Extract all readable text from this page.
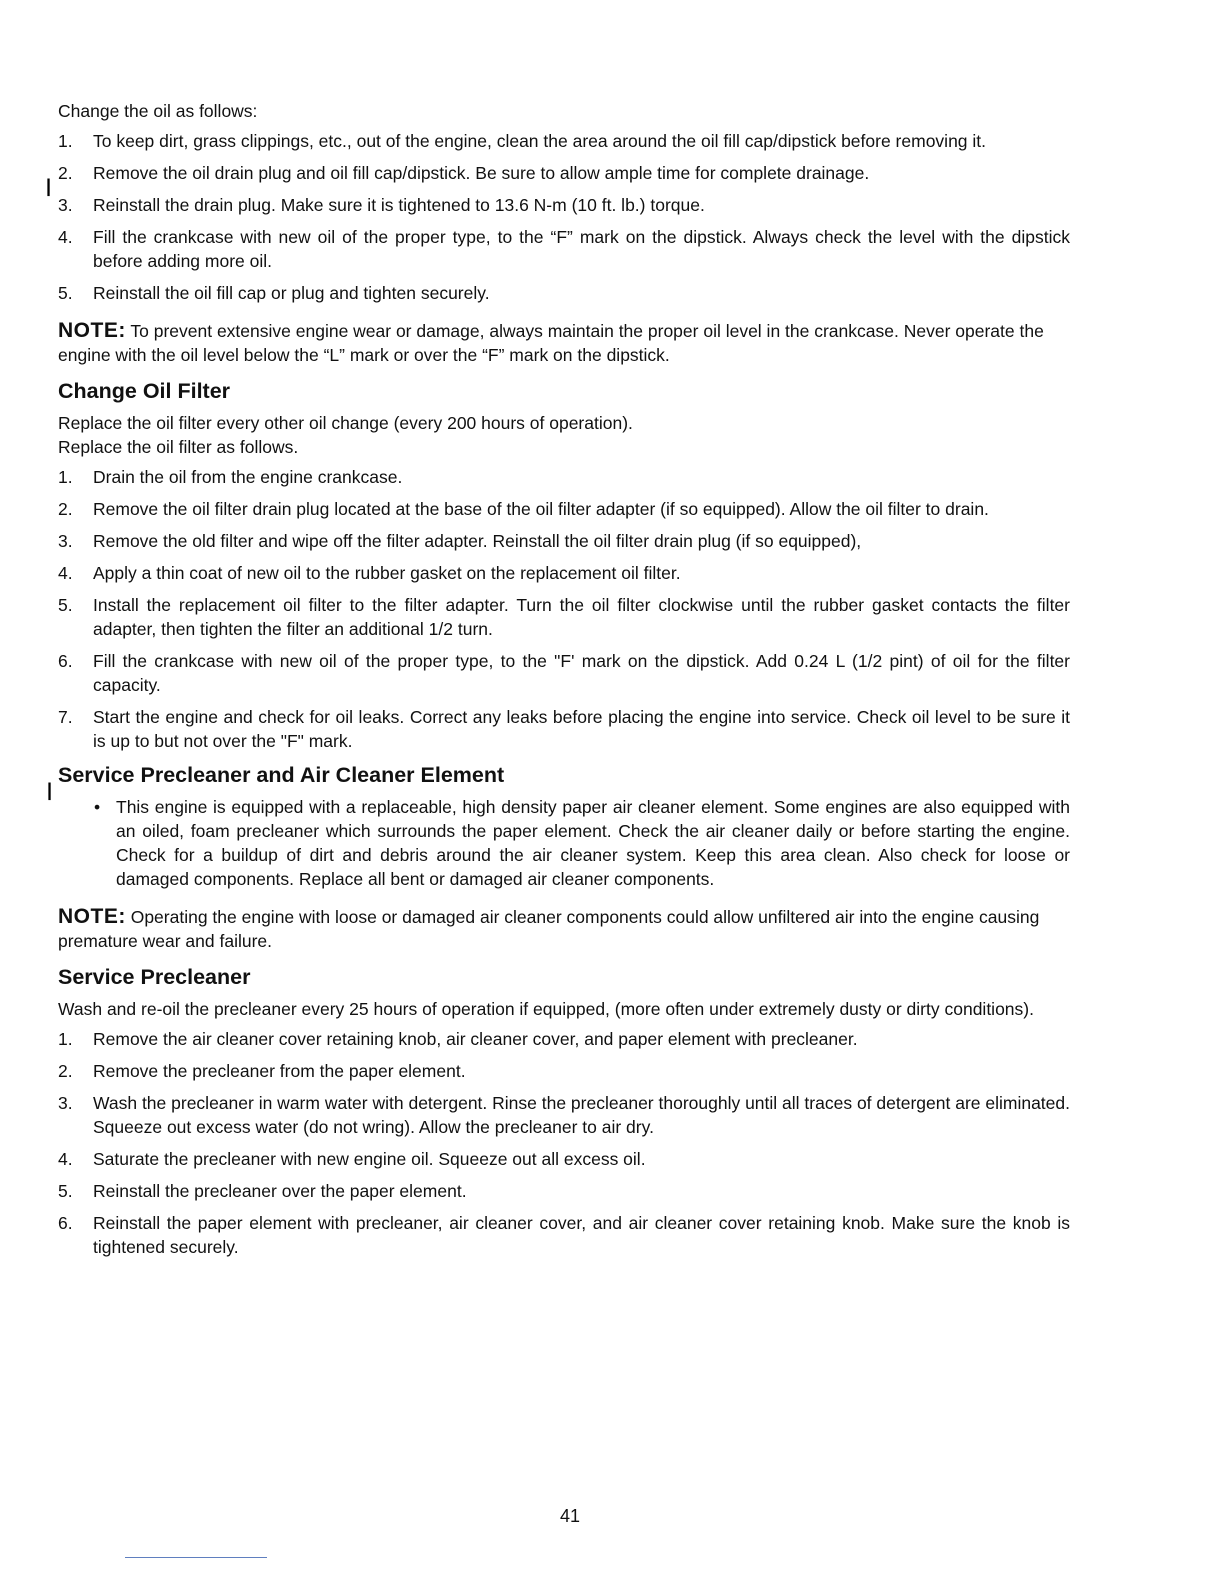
Change the oil as follows:

1. To keep dirt, grass clippings, etc., out of the engine, clean the area around the oil fill cap/dipstick before removing it.
2. Remove the oil drain plug and oil fill cap/dipstick. Be sure to allow ample time for complete drainage.
3. Reinstall the drain plug. Make sure it is tightened to 13.6 N-m (10 ft. lb.) torque.
4. Fill the crankcase with new oil of the proper type, to the “F” mark on the dipstick. Always check the level with the dipstick before adding more oil.
5. Reinstall the oil fill cap or plug and tighten securely.

NOTE: To prevent extensive engine wear or damage, always maintain the proper oil level in the crankcase. Never operate the engine with the oil level below the “L” mark or over the “F” mark on the dipstick.

Change Oil Filter

Replace the oil filter every other oil change (every 200 hours of operation).

Replace the oil filter as follows.

1. Drain the oil from the engine crankcase.
2. Remove the oil filter drain plug located at the base of the oil filter adapter (if so equipped). Allow the oil filter to drain.
3. Remove the old filter and wipe off the filter adapter. Reinstall the oil filter drain plug (if so equipped),
4. Apply a thin coat of new oil to the rubber gasket on the replacement oil filter.
5. Install the replacement oil filter to the filter adapter. Turn the oil filter clockwise until the rubber gasket contacts the filter adapter, then tighten the filter an additional 1/2 turn.
6. Fill the crankcase with new oil of the proper type, to the "F' mark on the dipstick. Add 0.24 L (1/2 pint) of oil for the filter capacity.
7. Start the engine and check for oil leaks. Correct any leaks before placing the engine into service. Check oil level to be sure it is up to but not over the "F" mark.
Service Precleaner and Air Cleaner Element
• This engine is equipped with a replaceable, high density paper air cleaner element. Some engines are also equipped with an oiled, foam precleaner which surrounds the paper element. Check the air cleaner daily or before starting the engine. Check for a buildup of dirt and debris around the air cleaner system. Keep this area clean. Also check for loose or damaged components. Replace all bent or damaged air cleaner components.

NOTE: Operating the engine with loose or damaged air cleaner components could allow unfiltered air into the engine causing premature wear and failure.

Service Precleaner

Wash and re-oil the precleaner every 25 hours of operation if equipped, (more often under extremely dusty or dirty conditions).

1. Remove the air cleaner cover retaining knob, air cleaner cover, and paper element with precleaner.
2. Remove the precleaner from the paper element.
3. Wash the precleaner in warm water with detergent. Rinse the precleaner thoroughly until all traces of detergent are eliminated. Squeeze out excess water (do not wring). Allow the precleaner to air dry.
4. Saturate the precleaner with new engine oil. Squeeze out all excess oil.
5. Reinstall the precleaner over the paper element.
6. Reinstall the paper element with precleaner, air cleaner cover, and air cleaner cover retaining knob. Make sure the knob is tightened securely.
|
|
41
